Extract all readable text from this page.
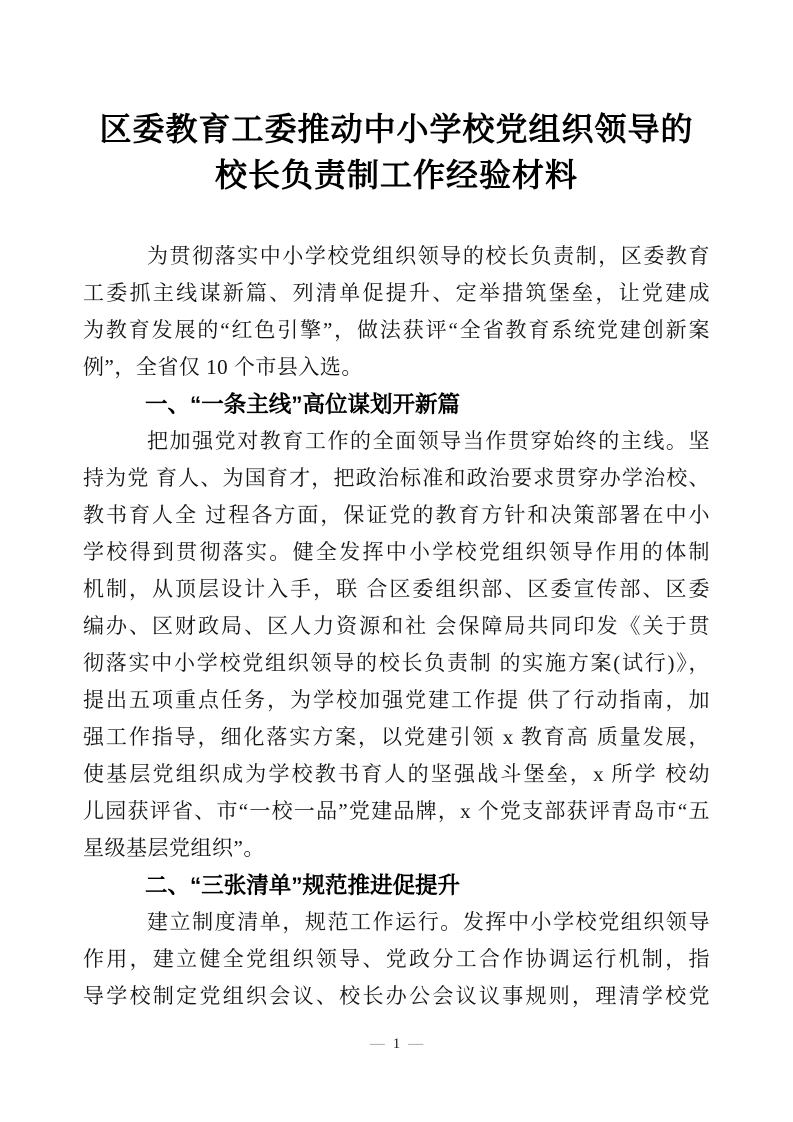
区委教育工委推动中小学校党组织领导的
校长负责制工作经验材料
为贯彻落实中小学校党组织领导的校长负责制，区委教育
工委抓主线谋新篇、列清单促提升、定举措筑堡垒，让党建成
为教育发展的“红色引擎”，做法获评“全省教育系统党建创新案
例”，全省仅 10 个市县入选。
一、“一条主线”高位谋划开新篇
把加强党对教育工作的全面领导当作贯穿始终的主线。坚
持为党 育人、为国育才，把政治标准和政治要求贯穿办学治校、
教书育人全 过程各方面，保证党的教育方针和决策部署在中小
学校得到贯彻落实。健全发挥中小学校党组织领导作用的体制
机制，从顶层设计入手，联 合区委组织部、区委宣传部、区委
编办、区财政局、区人力资源和社 会保障局共同印发《关于贯
彻落实中小学校党组织领导的校长负责制 的实施方案(试行)》，
提出五项重点任务，为学校加强党建工作提 供了行动指南，加
强工作指导，细化落实方案，以党建引领 x 教育高 质量发展，
使基层党组织成为学校教书育人的坚强战斗堡垒，x 所学 校幼
儿园获评省、市“一校一品”党建品牌，x 个党支部获评青岛市“五
星级基层党组织”。
二、“三张清单”规范推进促提升
建立制度清单，规范工作运行。发挥中小学校党组织领导
作用，建立健全党组织领导、党政分工合作协调运行机制，指
导学校制定党组织会议、校长办公会议议事规则，理清学校党
— 1 —
